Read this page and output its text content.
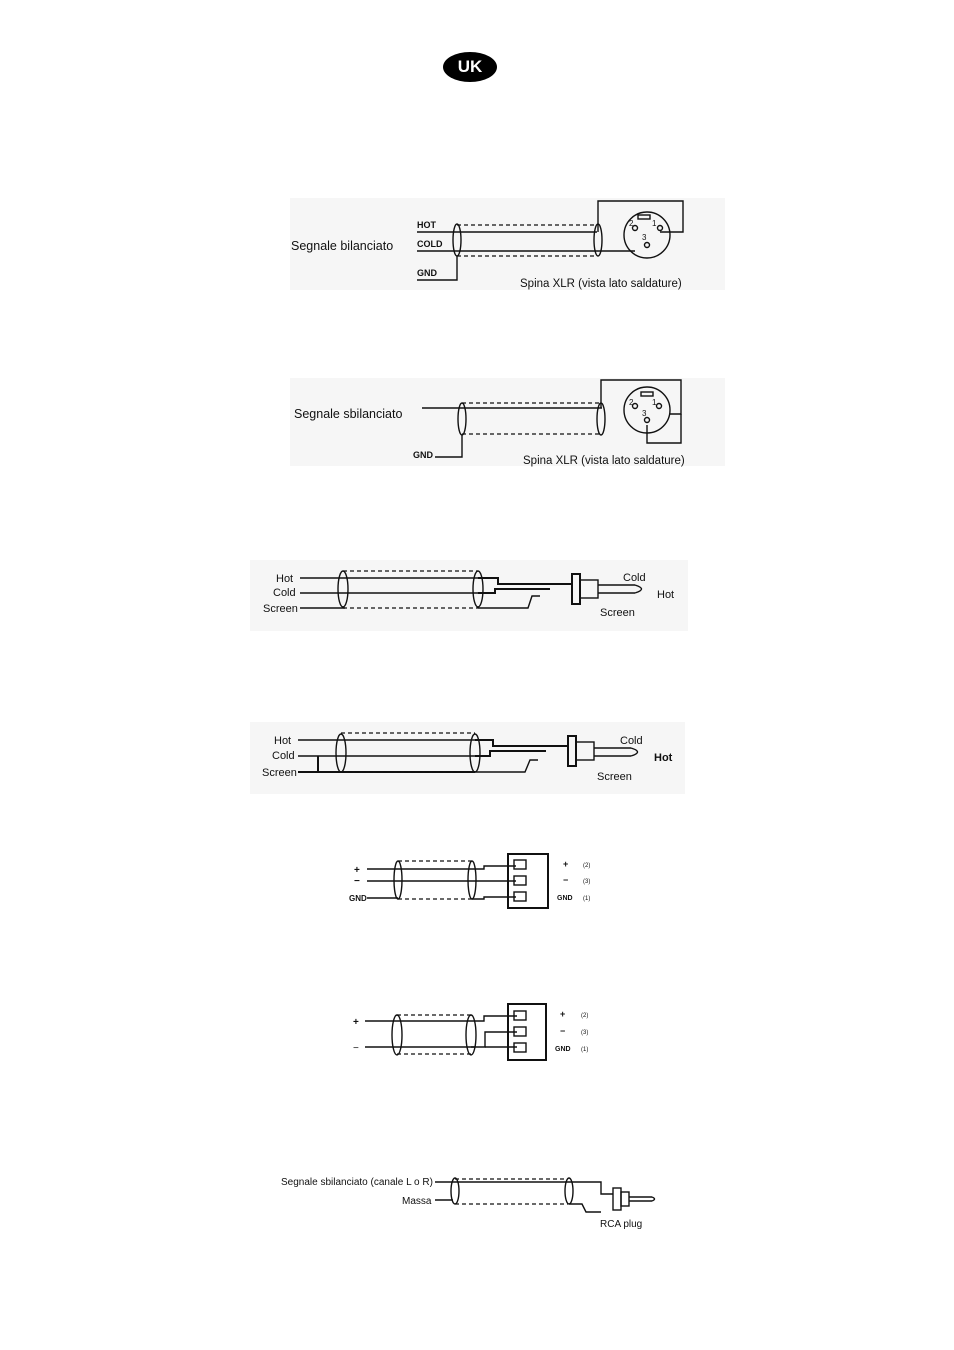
UK
Segnale bilanciato
HOT
COLD
GND
2 1
3
Spina XLR (vista lato saldature)
Segnale sbilanciato
GND
2 1
3
Spina XLR (vista lato saldature)
Hot
Cold
Screen
Cold
Hot
Screen
Hot
Cold
Screen
Cold
Hot
Screen
+
−
GND
+
−
GND
(2)
(3)
(1)
+
−
+
−
GND
(2)
(3)
(1)
Segnale sbilanciato (canale L o R)
Massa
RCA plug
